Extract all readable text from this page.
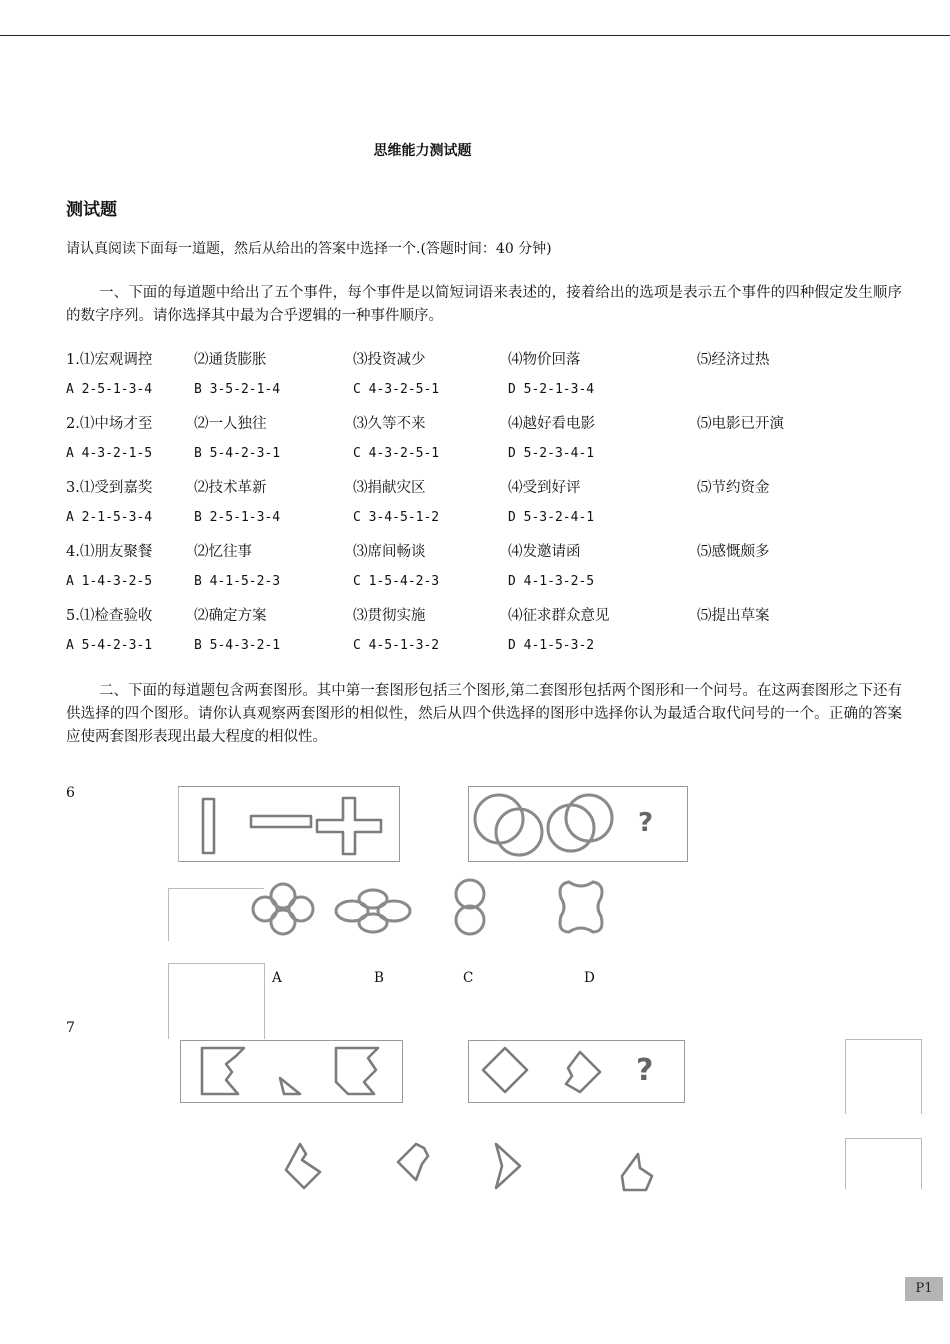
思维能力测试题
测试题
请认真阅读下面每一道题，然后从给出的答案中选择一个.(答题时间：40 分钟)
一、下面的每道题中给出了五个事件，每个事件是以简短词语来表述的，接着给出的选项是表示五个事件的四种假定发生顺序的数字序列。请你选择其中最为合乎逻辑的一种事件顺序。
1.⑴宏观调控	⑵通货膨胀	⑶投资减少	⑷物价回落	⑸经济过热
A 2-5-1-3-4	B 3-5-2-1-4	C 4-3-2-5-1	D 5-2-1-3-4
2.⑴中场才至	⑵一人独往	⑶久等不来	⑷越好看电影	⑸电影已开演
A 4-3-2-1-5	B 5-4-2-3-1	C 4-3-2-5-1	D 5-2-3-4-1
3.⑴受到嘉奖	⑵技术革新	⑶捐献灾区	⑷受到好评	⑸节约资金
A 2-1-5-3-4	B 2-5-1-3-4	C 3-4-5-1-2	D 5-3-2-4-1
4.⑴朋友聚餐	⑵忆往事	⑶席间畅谈	⑷发邀请函	⑸感慨颇多
A 1-4-3-2-5	B 4-1-5-2-3	C 1-5-4-2-3	D 4-1-3-2-5
5.⑴检查验收	⑵确定方案	⑶贯彻实施	⑷征求群众意见	⑸提出草案
A 5-4-2-3-1	B 5-4-3-2-1	C 4-5-1-3-2	D 4-1-5-3-2
二、下面的每道题包含两套图形。其中第一套图形包括三个图形,第二套图形包括两个图形和一个问号。在这两套图形之下还有供选择的四个图形。请你认真观察两套图形的相似性，然后从四个供选择的图形中选择你认为最适合取代问号的一个。正确的答案应使两套图形表现出最大程度的相似性。
6
?
A	B	C	D
7
?
P1
